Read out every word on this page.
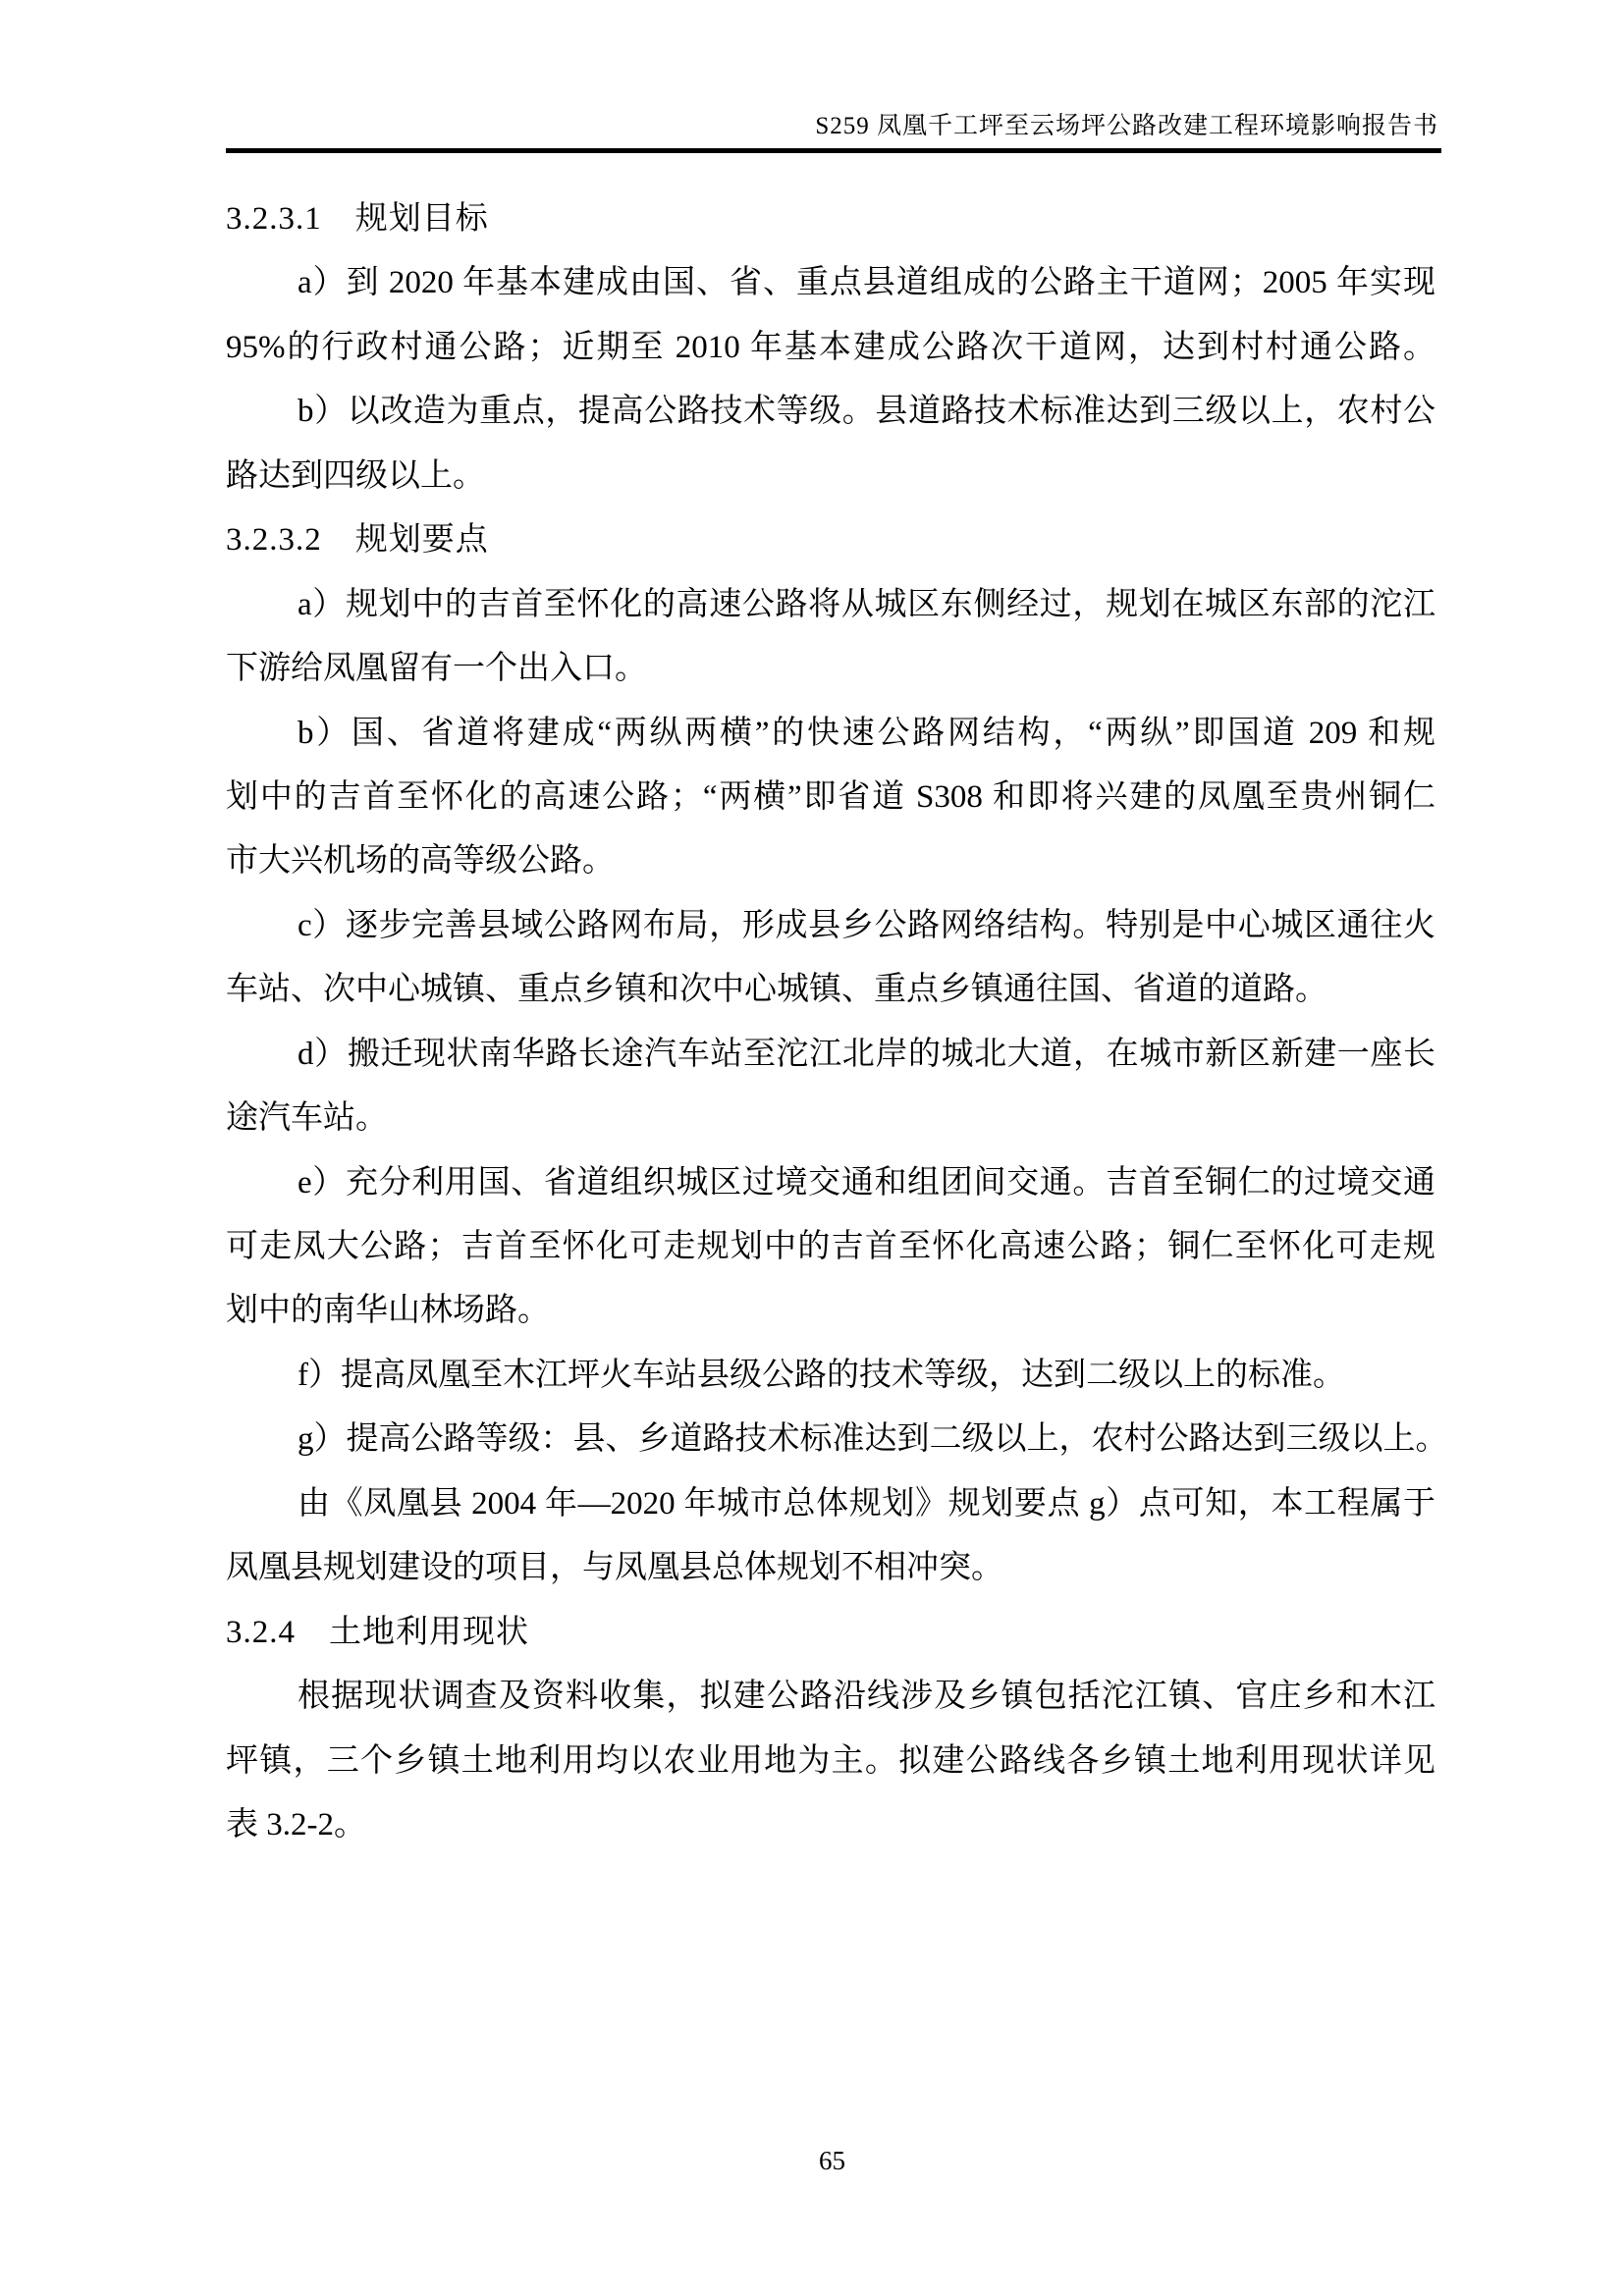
S259 凤凰千工坪至云场坪公路改建工程环境影响报告书

3.2.3.1　规划目标

a）到 2020 年基本建成由国、省、重点县道组成的公路主干道网；2005 年实现

95%的行政村通公路；近期至 2010 年基本建成公路次干道网，达到村村通公路。

b）以改造为重点，提高公路技术等级。县道路技术标准达到三级以上，农村公

路达到四级以上。

3.2.3.2　规划要点

a）规划中的吉首至怀化的高速公路将从城区东侧经过，规划在城区东部的沱江

下游给凤凰留有一个出入口。

b）国、省道将建成“两纵两横”的快速公路网结构，“两纵”即国道 209 和规

划中的吉首至怀化的高速公路；“两横”即省道 S308 和即将兴建的凤凰至贵州铜仁

市大兴机场的高等级公路。

c）逐步完善县域公路网布局，形成县乡公路网络结构。特别是中心城区通往火

车站、次中心城镇、重点乡镇和次中心城镇、重点乡镇通往国、省道的道路。

d）搬迁现状南华路长途汽车站至沱江北岸的城北大道，在城市新区新建一座长

途汽车站。

e）充分利用国、省道组织城区过境交通和组团间交通。吉首至铜仁的过境交通

可走凤大公路；吉首至怀化可走规划中的吉首至怀化高速公路；铜仁至怀化可走规

划中的南华山林场路。

f）提高凤凰至木江坪火车站县级公路的技术等级，达到二级以上的标准。

g）提高公路等级：县、乡道路技术标准达到二级以上，农村公路达到三级以上。

由《凤凰县 2004 年—2020 年城市总体规划》规划要点 g）点可知，本工程属于

凤凰县规划建设的项目，与凤凰县总体规划不相冲突。

3.2.4　土地利用现状

根据现状调查及资料收集，拟建公路沿线涉及乡镇包括沱江镇、官庄乡和木江

坪镇，三个乡镇土地利用均以农业用地为主。拟建公路线各乡镇土地利用现状详见

表 3.2-2。

65
